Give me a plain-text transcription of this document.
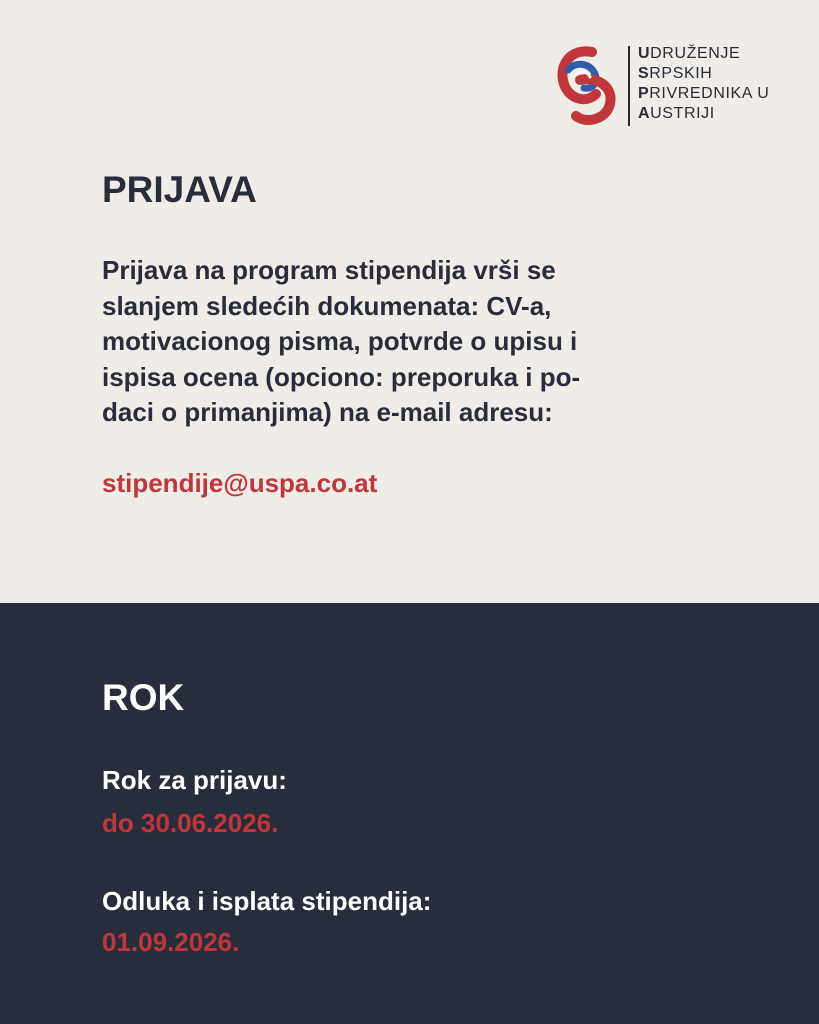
UDRUŽENJE
SRPSKIH
PRIVREDNIKA U
AUSTRIJI
PRIJAVA

Prijava na program stipendija vrši se
slanjem sledećih dokumenata: CV-a,
motivacionog pisma, potvrde o upisu i
ispisa ocena (opciono: preporuka i po-
daci o primanjima) na e-mail adresu:

stipendije@uspa.co.at
ROK
Rok za prijavu:
do 30.06.2026.
Odluka i isplata stipendija:
01.09.2026.
